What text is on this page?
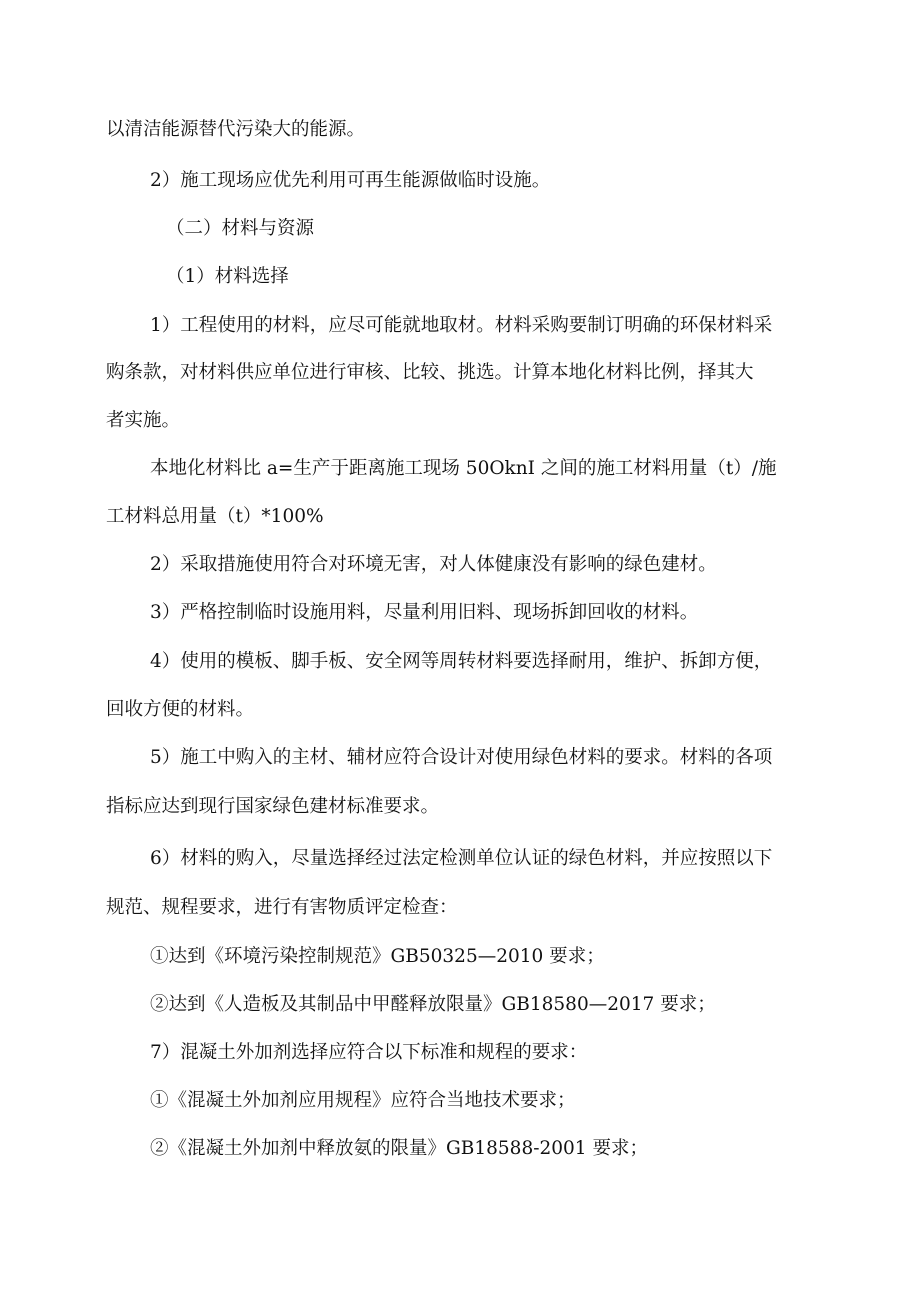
以清洁能源替代污染大的能源。

2）施工现场应优先利用可再生能源做临时设施。

（二）材料与资源

（1）材料选择

1）工程使用的材料，应尽可能就地取材。材料采购要制订明确的环保材料采

购条款，对材料供应单位进行审核、比较、挑选。计算本地化材料比例，择其大

者实施。

本地化材料比 a=生产于距离施工现场 50OknI 之间的施工材料用量（t）/施

工材料总用量（t）*100%

2）采取措施使用符合对环境无害，对人体健康没有影响的绿色建材。

3）严格控制临时设施用料，尽量利用旧料、现场拆卸回收的材料。

4）使用的模板、脚手板、安全网等周转材料要选择耐用，维护、拆卸方便，

回收方便的材料。

5）施工中购入的主材、辅材应符合设计对使用绿色材料的要求。材料的各项

指标应达到现行国家绿色建材标准要求。

6）材料的购入，尽量选择经过法定检测单位认证的绿色材料，并应按照以下

规范、规程要求，进行有害物质评定检查：

①达到《环境污染控制规范》GB50325—2010 要求；

②达到《人造板及其制品中甲醛释放限量》GB18580—2017 要求；

7）混凝土外加剂选择应符合以下标准和规程的要求：

①《混凝土外加剂应用规程》应符合当地技术要求；

②《混凝土外加剂中释放氨的限量》GB18588-2001 要求；
